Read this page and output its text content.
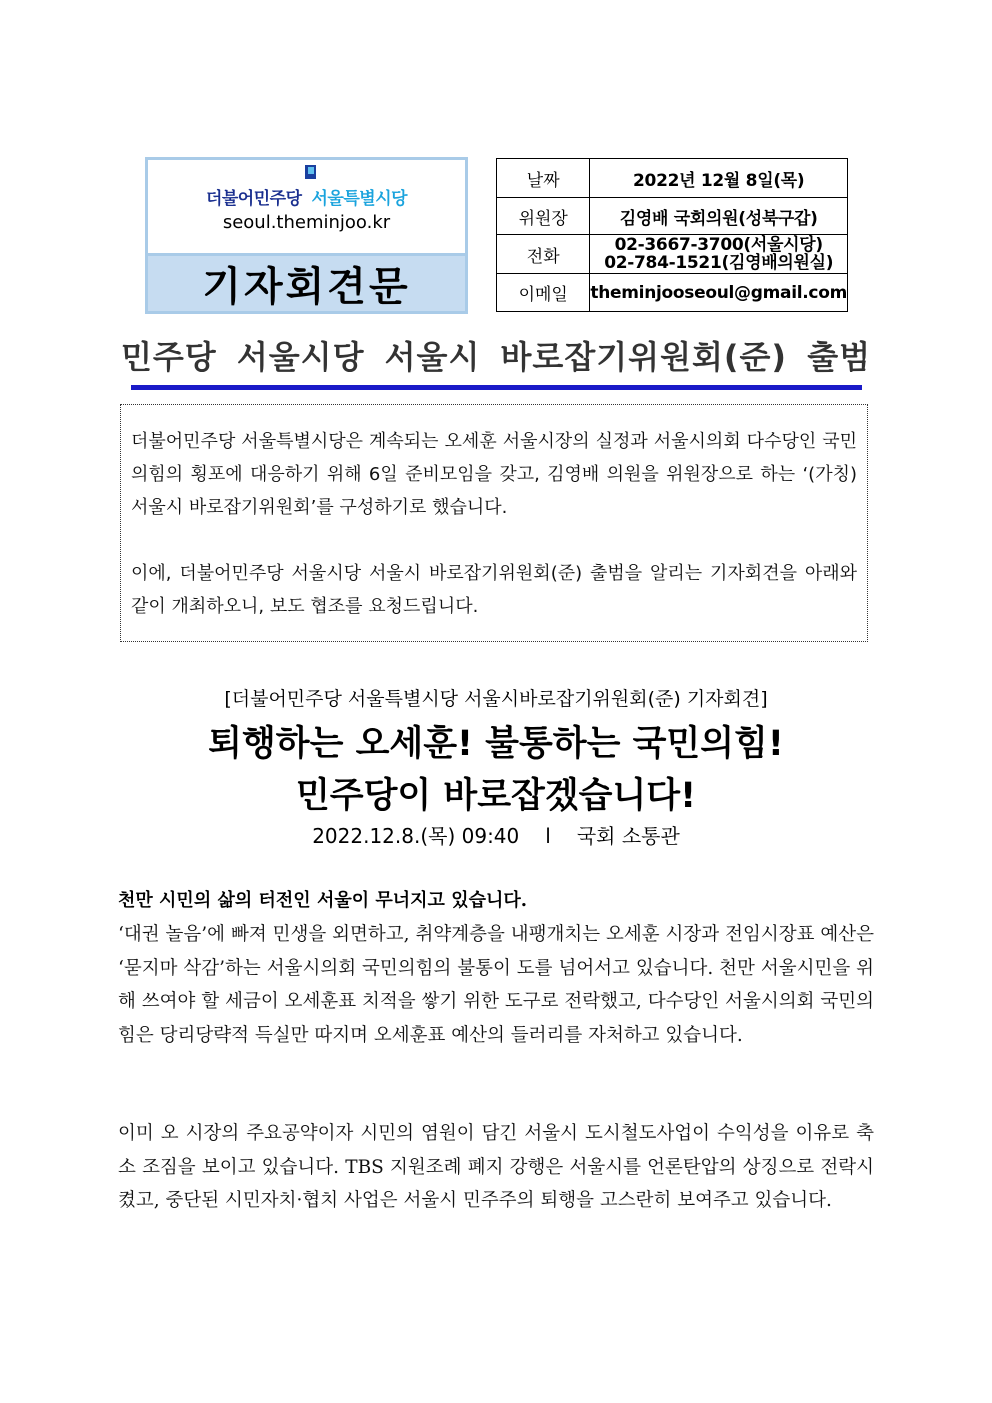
더불어민주당 서울특별시당
seoul.theminjoo.kr
기자회견문
날짜	2022년 12월 8일(목)
위원장	김영배 국회의원(성북구갑)
전화	02-3667-3700(서울시당)
02-784-1521(김영배의원실)

이메일	theminjooseoul@gmail.com
민주당 서울시당 서울시 바로잡기위원회(준) 출범

더불어민주당 서울특별시당은 계속되는 오세훈 서울시장의 실정과 서울시의회 다수당인 국민의힘의 횡포에 대응하기 위해 6일 준비모임을 갖고, 김영배 의원을 위원장으로 하는 ‘(가칭) 서울시 바로잡기위원회’를 구성하기로 했습니다.

이에, 더불어민주당 서울시당 서울시 바로잡기위원회(준) 출범을 알리는 기자회견을 아래와 같이 개최하오니, 보도 협조를 요청드립니다.

[더불어민주당 서울특별시당 서울시바로잡기위원회(준) 기자회견]
퇴행하는 오세훈! 불통하는 국민의힘!
민주당이 바로잡겠습니다!
2022.12.8.(목) 09:40 l 국회 소통관
천만 시민의 삶의 터전인 서울이 무너지고 있습니다.

‘대권 놀음’에 빠져 민생을 외면하고, 취약계층을 내팽개치는 오세훈 시장과 전임시장표 예산은 ‘묻지마 삭감’하는 서울시의회 국민의힘의 불통이 도를 넘어서고 있습니다. 천만 서울시민을 위해 쓰여야 할 세금이 오세훈표 치적을 쌓기 위한 도구로 전락했고, 다수당인 서울시의회 국민의힘은 당리당략적 득실만 따지며 오세훈표 예산의 들러리를 자처하고 있습니다.

이미 오 시장의 주요공약이자 시민의 염원이 담긴 서울시 도시철도사업이 수익성을 이유로 축소 조짐을 보이고 있습니다. TBS 지원조례 폐지 강행은 서울시를 언론탄압의 상징으로 전락시켰고, 중단된 시민자치·협치 사업은 서울시 민주주의 퇴행을 고스란히 보여주고 있습니다.
